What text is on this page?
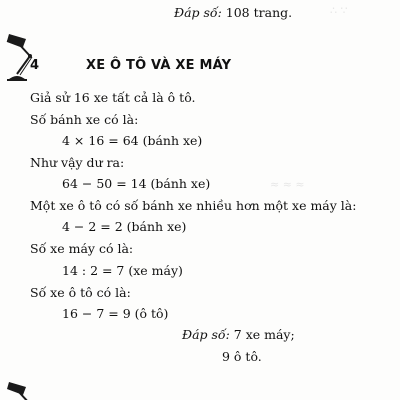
∴ ∵
≈ ≈ ≈
Đáp số: 108 trang.
4	XE Ô TÔ VÀ XE MÁY
Giả sử 16 xe tất cả là ô tô.
Số bánh xe có là:
4 × 16 = 64 (bánh xe)
Như vậy dư ra:
64 − 50 = 14 (bánh xe)
Một xe ô tô có số bánh xe nhiều hơn một xe máy là:
4 − 2 = 2 (bánh xe)
Số xe máy có là:
14 : 2 = 7 (xe máy)
Số xe ô tô có là:
16 − 7 = 9 (ô tô)
Đáp số: 7 xe máy;
9 ô tô.
